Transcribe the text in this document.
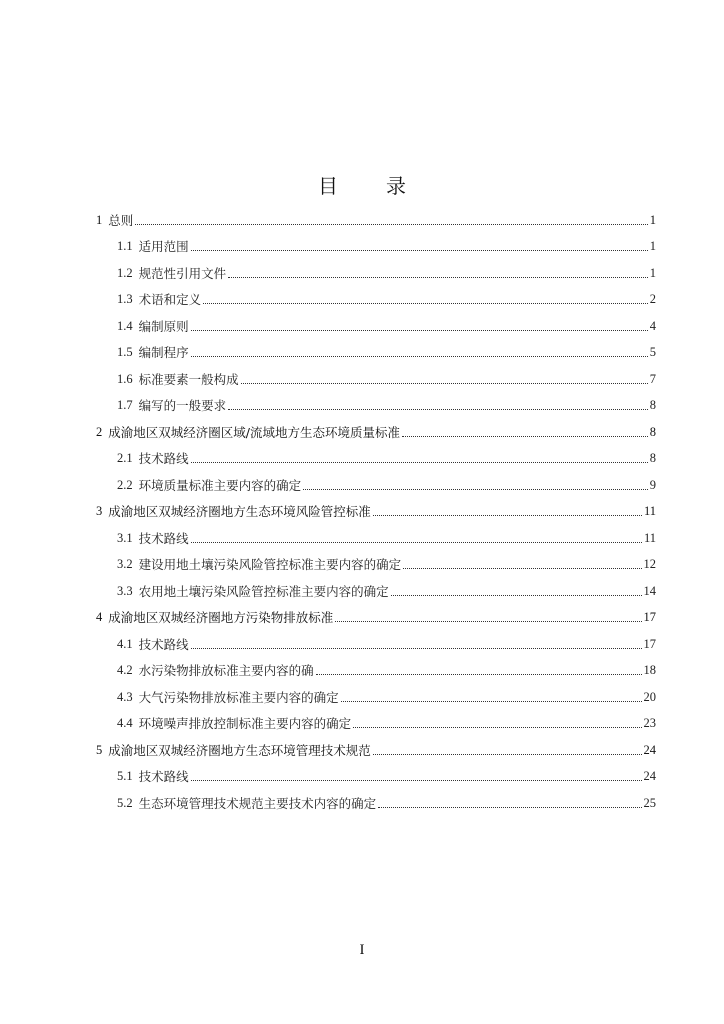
目　录
1 总则	1
1.1 适用范围	1
1.2 规范性引用文件	1
1.3 术语和定义	2
1.4 编制原则	4
1.5 编制程序	5
1.6 标准要素一般构成	7
1.7 编写的一般要求	8
2 成渝地区双城经济圈区域/流域地方生态环境质量标准	8
2.1 技术路线	8
2.2 环境质量标准主要内容的确定	9
3 成渝地区双城经济圈地方生态环境风险管控标准	11
3.1 技术路线	11
3.2 建设用地土壤污染风险管控标准主要内容的确定	12
3.3 农用地土壤污染风险管控标准主要内容的确定	14
4 成渝地区双城经济圈地方污染物排放标准	17
4.1 技术路线	17
4.2 水污染物排放标准主要内容的确	18
4.3 大气污染物排放标准主要内容的确定	20
4.4 环境噪声排放控制标准主要内容的确定	23
5 成渝地区双城经济圈地方生态环境管理技术规范	24
5.1 技术路线	24
5.2 生态环境管理技术规范主要技术内容的确定	25
I
